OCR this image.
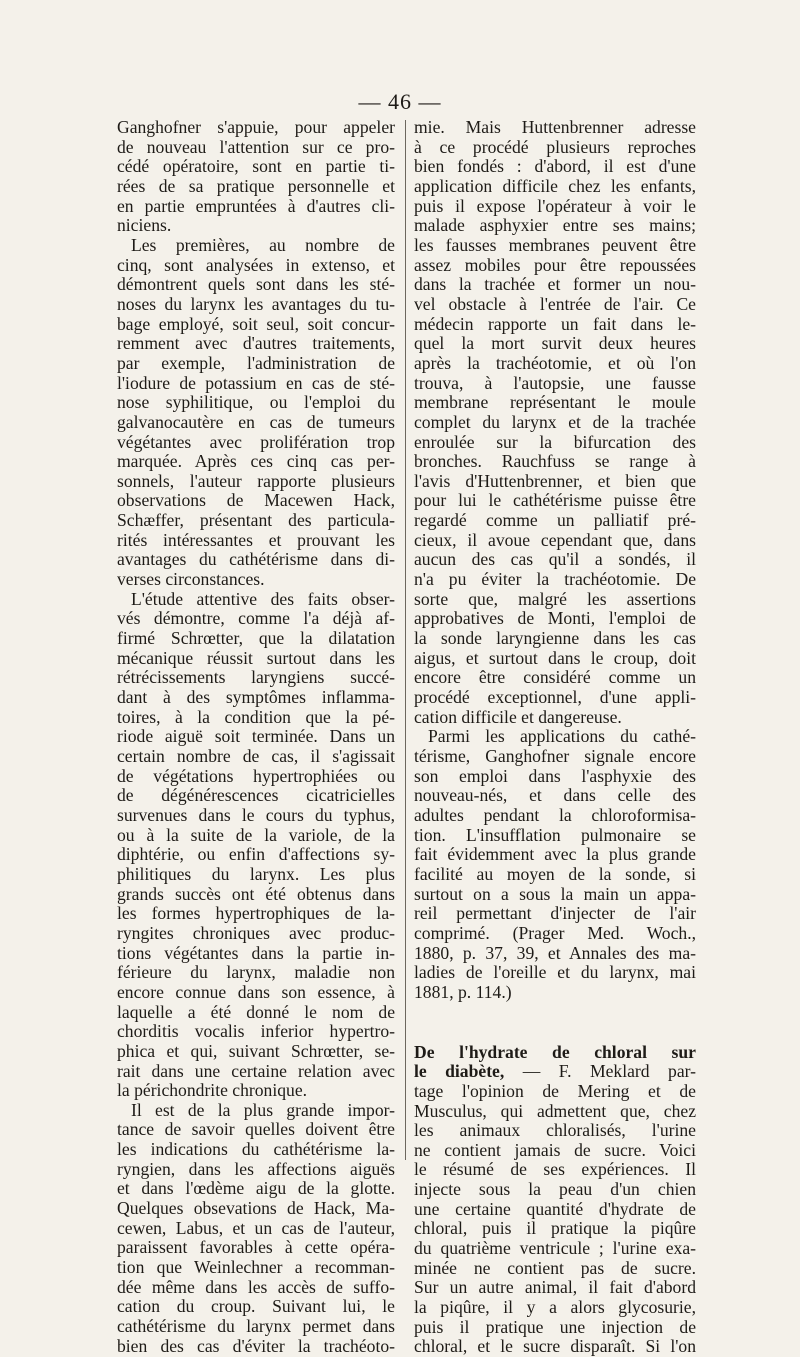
— 46 —
Ganghofner s'appuie, pour appeler
de nouveau l'attention sur ce pro-
cédé opératoire, sont en partie ti-
rées de sa pratique personnelle et
en partie empruntées à d'autres cli-
niciens.
Les premières, au nombre de
cinq, sont analysées in extenso, et
démontrent quels sont dans les sté-
noses du larynx les avantages du tu-
bage employé, soit seul, soit concur-
remment avec d'autres traitements,
par exemple, l'administration de
l'iodure de potassium en cas de sté-
nose syphilitique, ou l'emploi du
galvanocautère en cas de tumeurs
végétantes avec prolifération trop
marquée. Après ces cinq cas per-
sonnels, l'auteur rapporte plusieurs
observations de Macewen Hack,
Schæffer, présentant des particula-
rités intéressantes et prouvant les
avantages du cathétérisme dans di-
verses circonstances.
L'étude attentive des faits obser-
vés démontre, comme l'a déjà af-
firmé Schrœtter, que la dilatation
mécanique réussit surtout dans les
rétrécissements laryngiens succé-
dant à des symptômes inflamma-
toires, à la condition que la pé-
riode aiguë soit terminée. Dans un
certain nombre de cas, il s'agissait
de végétations hypertrophiées ou
de dégénérescences cicatricielles
survenues dans le cours du typhus,
ou à la suite de la variole, de la
diphtérie, ou enfin d'affections sy-
philitiques du larynx. Les plus
grands succès ont été obtenus dans
les formes hypertrophiques de la-
ryngites chroniques avec produc-
tions végétantes dans la partie in-
férieure du larynx, maladie non
encore connue dans son essence, à
laquelle a été donné le nom de
chorditis vocalis inferior hypertro-
phica et qui, suivant Schrœtter, se-
rait dans une certaine relation avec
la périchondrite chronique.
Il est de la plus grande impor-
tance de savoir quelles doivent être
les indications du cathétérisme la-
ryngien, dans les affections aiguës
et dans l'œdème aigu de la glotte.
Quelques obsevations de Hack, Ma-
cewen, Labus, et un cas de l'auteur,
paraissent favorables à cette opéra-
tion que Weinlechner a recomman-
dée même dans les accès de suffo-
cation du croup. Suivant lui, le
cathétérisme du larynx permet dans
bien des cas d'éviter la trachéoto-
mie. Mais Huttenbrenner adresse
à ce procédé plusieurs reproches
bien fondés : d'abord, il est d'une
application difficile chez les enfants,
puis il expose l'opérateur à voir le
malade asphyxier entre ses mains;
les fausses membranes peuvent être
assez mobiles pour être repoussées
dans la trachée et former un nou-
vel obstacle à l'entrée de l'air. Ce
médecin rapporte un fait dans le-
quel la mort survit deux heures
après la trachéotomie, et où l'on
trouva, à l'autopsie, une fausse
membrane représentant le moule
complet du larynx et de la trachée
enroulée sur la bifurcation des
bronches. Rauchfuss se range à
l'avis d'Huttenbrenner, et bien que
pour lui le cathétérisme puisse être
regardé comme un palliatif pré-
cieux, il avoue cependant que, dans
aucun des cas qu'il a sondés, il
n'a pu éviter la trachéotomie. De
sorte que, malgré les assertions
approbatives de Monti, l'emploi de
la sonde laryngienne dans les cas
aigus, et surtout dans le croup, doit
encore être considéré comme un
procédé exceptionnel, d'une appli-
cation difficile et dangereuse.
Parmi les applications du cathé-
térisme, Ganghofner signale encore
son emploi dans l'asphyxie des
nouveau-nés, et dans celle des
adultes pendant la chloroformisa-
tion. L'insufflation pulmonaire se
fait évidemment avec la plus grande
facilité au moyen de la sonde, si
surtout on a sous la main un appa-
reil permettant d'injecter de l'air
comprimé. (Prager Med. Woch.,
1880, p. 37, 39, et Annales des ma-
ladies de l'oreille et du larynx, mai
1881, p. 114.)
De l'hydrate de chloral sur
le diabète, — F. Meklard par-
tage l'opinion de Mering et de
Musculus, qui admettent que, chez
les animaux chloralisés, l'urine
ne contient jamais de sucre. Voici
le résumé de ses expériences. Il
injecte sous la peau d'un chien
une certaine quantité d'hydrate de
chloral, puis il pratique la piqûre
du quatrième ventricule ; l'urine exa-
minée ne contient pas de sucre.
Sur un autre animal, il fait d'abord
la piqûre, il y a alors glycosurie,
puis il pratique une injection de
chloral, et le sucre disparaît. Si l'on
